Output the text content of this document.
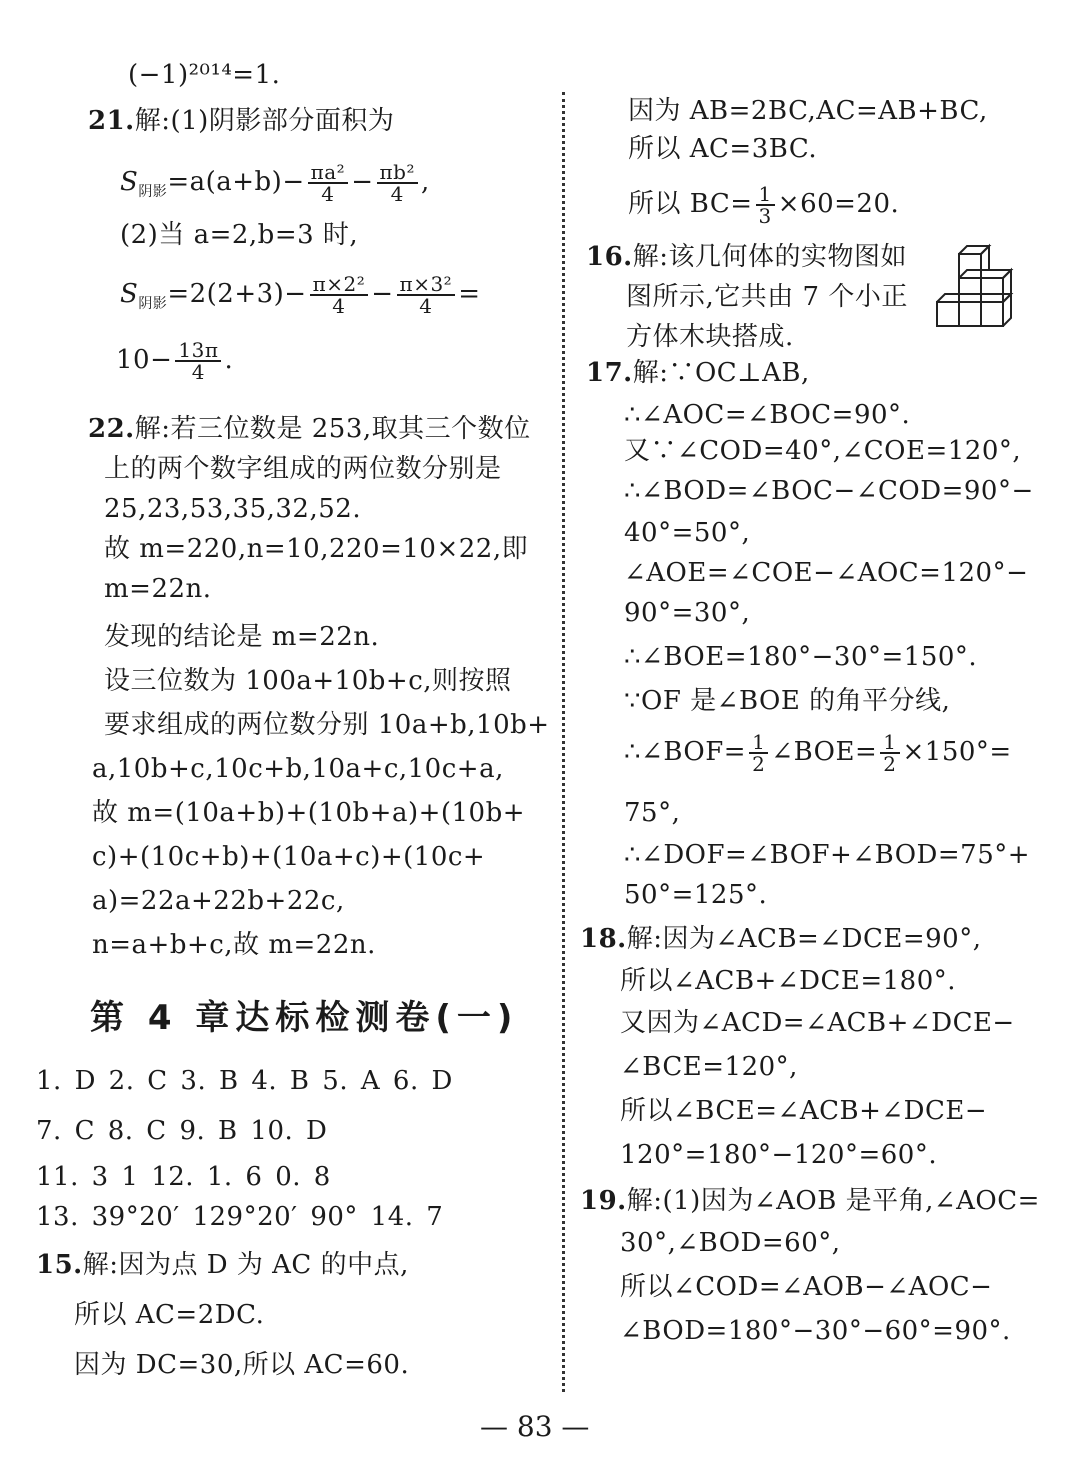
(−1)²⁰¹⁴=1.
21.解:(1)阴影部分面积为
$S_{阴影}=a(a+b)- \frac{\text{πa²}}{4} - \frac{\text{πb²}}{4}$ ,
(2)当 a=2,b=3 时,
$S_{阴影}=2(2+3)- \frac{\text{π×2²}}{4} - \frac{\text{π×3²}}{4}$ =
$10- \frac{13\pi}{4}$ .
22.解:若三位数是 253,取其三个数位
上的两个数字组成的两位数分别是
25,23,53,35,32,52.
故 m=220,n=10,220=10×22,即
m=22n.
发现的结论是 m=22n.
设三位数为 100a+10b+c,则按照
要求组成的两位数分别 10a+b,10b+
a,10b+c,10c+b,10a+c,10c+a,
故 m=(10a+b)+(10b+a)+(10b+
c)+(10c+b)+(10a+c)+(10c+
a)=22a+22b+22c,
n=a+b+c,故 m=22n.
第 4 章达标检测卷(一)
1. D 2. C 3. B 4. B 5. A 6. D
7. C 8. C 9. B 10. D
11. 3 1 12. 1. 6 0. 8
13. 39°20′ 129°20′ 90° 14. 7
15.解:因为点 D 为 AC 的中点,
所以 AC=2DC.
因为 DC=30,所以 AC=60.
因为 AB=2BC,AC=AB+BC,
所以 AC=3BC.
所以 $BC= \frac{1}{3} \times 60=20$.
16.解:该几何体的实物图如
图所示,它共由 7 个小正
方体木块搭成.
17.解:∵OC⊥AB,
∴∠AOC=∠BOC=90°.
又∵∠COD=40°,∠COE=120°,
∴∠BOD=∠BOC−∠COD=90°−
40°=50°,
∠AOE=∠COE−∠AOC=120°−
90°=30°,
∴∠BOE=180°−30°=150°.
∵OF 是∠BOE 的角平分线,
∴∠BOF= $\frac{1}{2}$ ∠BOE= $\frac{1}{2} \times 150^\circ=$
75°,
∴∠DOF=∠BOF+∠BOD=75°+
50°=125°.
18.解:因为∠ACB=∠DCE=90°,
所以∠ACB+∠DCE=180°.
又因为∠ACD=∠ACB+∠DCE−
∠BCE=120°,
所以∠BCE=∠ACB+∠DCE−
120°=180°−120°=60°.
19.解:(1)因为∠AOB 是平角,∠AOC=
30°,∠BOD=60°,
所以∠COD=∠AOB−∠AOC−
∠BOD=180°−30°−60°=90°.
— 83 —
